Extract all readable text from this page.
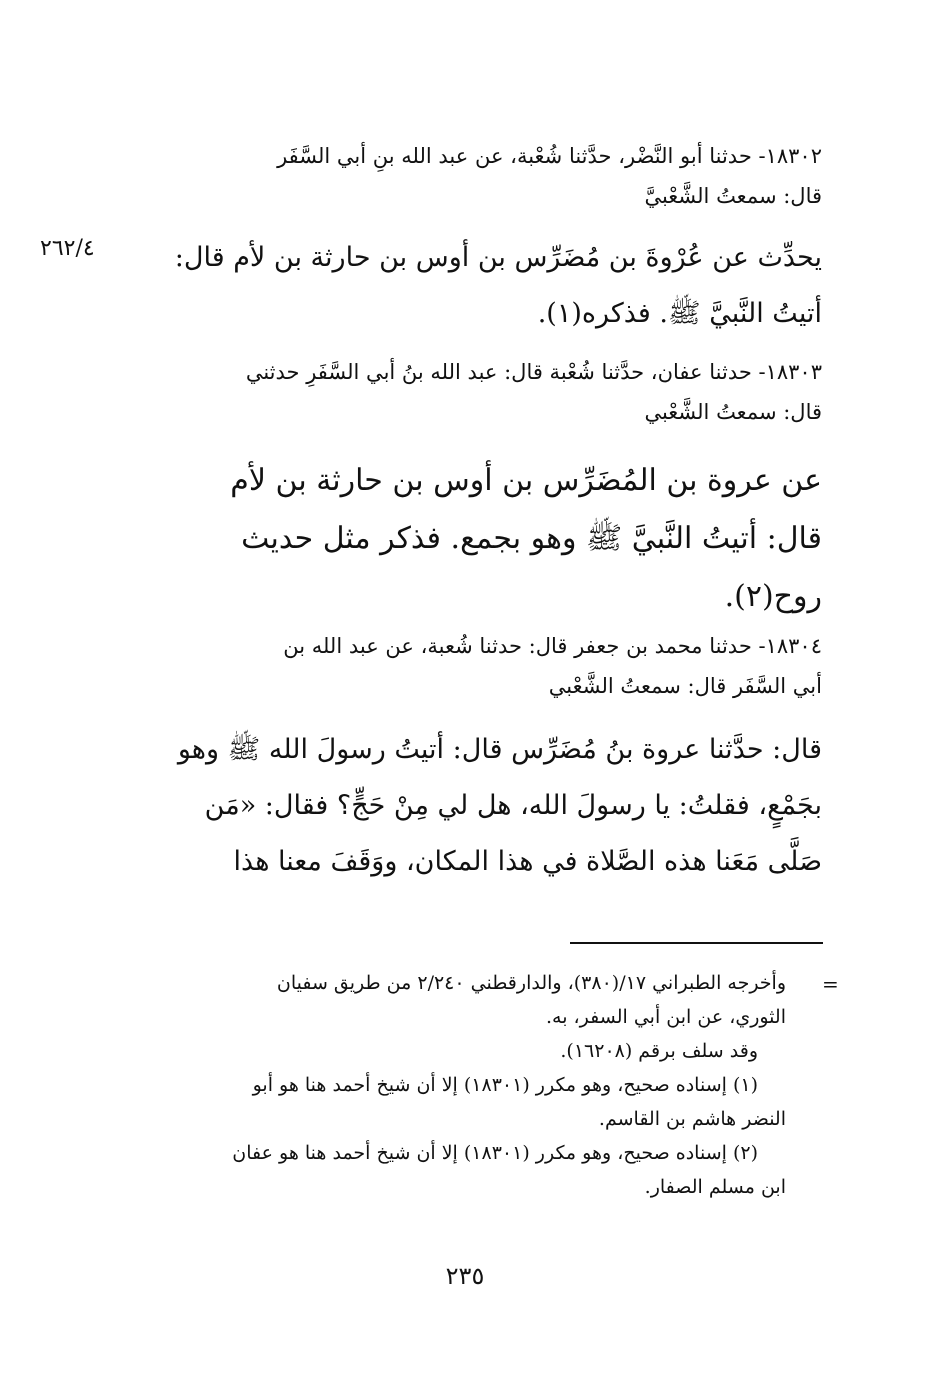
١٨٣٠٢- حدثنا أبو النَّضْر، حدَّثنا شُعْبة، عن عبد الله بنِ أبي السَّفَر
قال: سمعتُ الشَّعْبيَّ
يحدِّث عن عُرْوةَ بن مُضَرِّس بن أوس بن حارثة بن لأم قال:
أتيتُ النَّبيَّ ﷺ. فذكره(١).
٢٦٢/٤
١٨٣٠٣- حدثنا عفان، حدَّثنا شُعْبة قال: عبد الله بنُ أبي السَّفَرِ حدثني
قال: سمعتُ الشَّعْبي
عن عروة بن المُضَرِّس بن أوس بن حارثة بن لأم
قال: أتيتُ النَّبيَّ ﷺ وهو بجمع. فذكر مثل حديث
روح(٢).
١٨٣٠٤- حدثنا محمد بن جعفر قال: حدثنا شُعبة، عن عبد الله بن
أبي السَّفَر قال: سمعتُ الشَّعْبي
قال: حدَّثنا عروة بنُ مُضَرِّس قال: أتيتُ رسولَ الله ﷺ وهو
بجَمْعٍ، فقلتُ: يا رسولَ الله، هل لي مِنْ حَجٍّ؟ فقال: «مَن
صَلَّى مَعَنا هذه الصَّلاة في هذا المكان، ووَقَفَ معنا هذا
=
وأخرجه الطبراني ١٧/(٣٨٠)، والدارقطني ٢/٢٤٠ من طريق سفيان
الثوري، عن ابن أبي السفر، به.
وقد سلف برقم (١٦٢٠٨).
(١) إسناده صحيح، وهو مكرر (١٨٣٠١) إلا أن شيخ أحمد هنا هو أبو
النضر هاشم بن القاسم.
(٢) إسناده صحيح، وهو مكرر (١٨٣٠١) إلا أن شيخ أحمد هنا هو عفان
ابن مسلم الصفار.
٢٣٥
